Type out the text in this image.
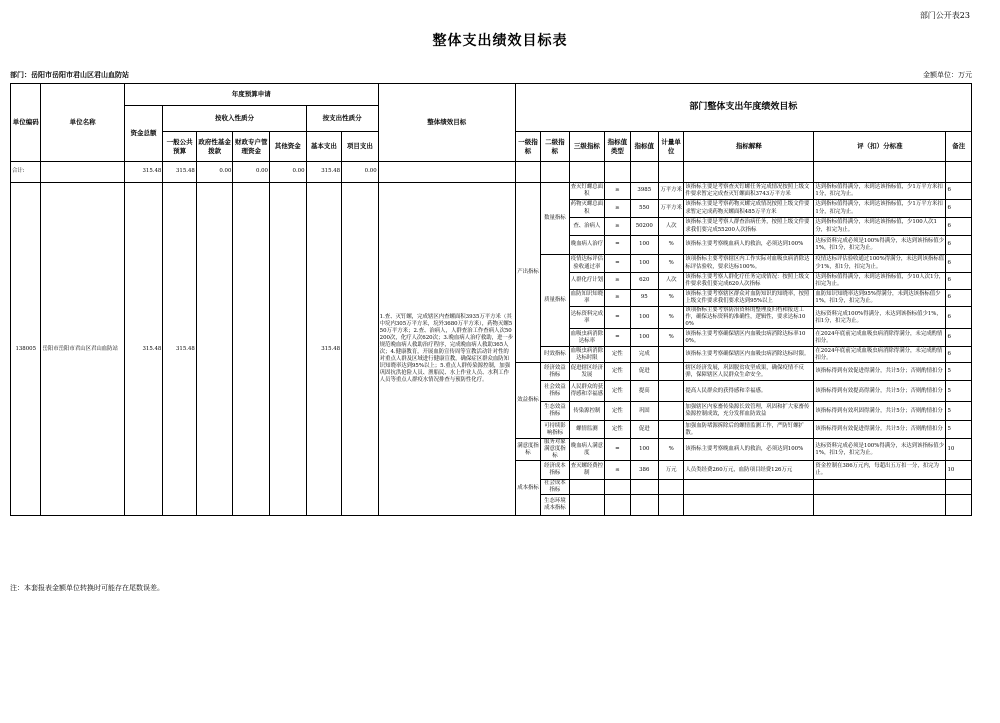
部门公开表23
整体支出绩效目标表
部门：岳阳市岳阳市君山区君山血防站	金额单位：万元
单位编码	单位名称	年度预算申请							整体绩效目标	部门整体支出年度绩效目标								
		资金总额	按收入性质分				按支出性质分											
			一般公共预算	政府性基金拨款	财政专户管理资金	其他资金	基本支出	项目支出		一级指标	二级指标	三级指标	指标值类型	指标值	计量单位	指标解释	评（扣）分标准	备注
合计:		315.48	315.48	0.00	0.00	0.00	315.48	0.00										
138005	岳阳市岳阳市君山区君山血防站	315.48	315.48				315.48		1.查、灭钉螺，完成辖区内查螺面积3935万平方米（其中垸内305万平方米，垸外3680万平方米），药物灭螺550万平方米；2.查、治病人，人群查治工作查病人次50200次，化疗人次620次；3.晚血病人治疗救助，进一步规范晚血病人救助治疗程序，完成晚血病人救助365人次；4.健康教育，开展血防宣传周等宣教活动针对性的对重点人群及区域进行健康宣教，确保症区群众血防知识知晓率达到95%以上；5.重点人群传染源控制，加强巩固抗洪抢险人员、渔船民、水上作业人员、水利工作人员等重点人群疫水情况排查与预防性化疗。	产出指标	数量指标	查灭钉螺总面积	≥	3985	万平方米	该指标主要是考察查灭钉螺任务完成情况按照上级文件要求暂定完成查灭钉螺面积3743万平方米	达到指标值得满分，未到达该指标值，少1万平方米扣1分，扣完为止。	6
												药物灭螺总面积	≥	550	万平方米	该指标主要是考察药物灭螺完成情况按照上级文件要求暂定完成药物灭螺面积485万平方米	达到指标值得满分，未到达该指标值，少1万平方米扣1分，扣完为止。	6
												查、治病人	≥	50200	人次	该指标主要是考察人群查治病任务，按照上级文件要求我们要完成55200人次指标	达到指标值得满分，未到达该指标值，少100人次1分，扣完为止。	6
												晚血病人治疗	=	100	%	该指标主要考察晚血病人的救治，必须达到100%	达标资料完成必须是100%得满分，未达到该指标值少1%，扣1分，扣完为止。	6
											质量指标	疫情达标评估验收通过率	=	100	%	该项指标主要考察辖区内工作实际对血吸虫病消除达标评估验收，要求达标100%。	疫情达标评估验收通过100%得满分，未达到该指标值少1%，扣1分，扣完为止。	6
												人群化疗计划	≥	620	人次	该指标主要考察人群化疗任务完成情况：按照上级文件要求我们要完成620人次指标	达到指标值得满分，未到达该指标值，少10人次1分，扣完为止。	6
												血防知识知晓率	≥	95	%	该指标主要考察辖区群众对血防知识的知晓率，按照上级文件要求我们要求达到95%以上	血防知识知晓率达到95%得满分，未到达该指标值少1%，扣1分，扣完为止。	6
												达标资料完成率	=	100	%	该项指标主要考察防治资料的整理及归档和报送工作，确保达标资料的准确性，逻辑性，要求达标100%	达标资料完成100%得满分，未达到该指标值少1%，扣1分，扣完为止。	6
												血吸虫病消除达标率	=	100	%	该指标主要考察确保辖区内血吸虫病消除达标率100%。	在2024年底前完成血吸虫病消除得满分，未完成酌情扣分。	6
											时效指标	血吸虫病消除达标时限	定性	完成		该指标主要考察确保辖区内血吸虫病消除达标时限。	在2024年底前完成血吸虫病消除得满分，未完成酌情扣分。	6
										效益指标	经济效益指标	促进辖区经济发展	定性	促进		辖区经济发展，巩固脱贫攻坚成果，确保疫情不反弹，保障辖区人民群众生命安全。	该指标得到有效促进得满分，共计5分；否则酌情扣分	5
											社会效益指标	人民群众的获得感和幸福感	定性	提高		提高人民群众的获得感和幸福感。	该指标得到有效提高得满分，共计5分；否则酌情扣分	5
											生态效益指标	传染源控制	定性	巩固		加强辖区内家畜传染源长效管理，巩固和扩大家畜传染源控制成效，充分发挥血防效益	该指标得到有效巩固得满分，共计5分；否则酌情扣分	5
											可持续影响指标	螺情监测	定性	促进		加强血防堵源拆除后的螺情监测工作，严防钉螺扩散。	该指标得到有效促进得满分，共计5分；否则酌情扣分	5
										满意度指标	服务对象满意度指标	晚血病人满意度	=	100	%	该指标主要考察晚血病人的救治，必须达到100%	达标资料完成必须是100%得满分，未达到该指标值少1%，扣1分，扣完为止。	10
										成本指标	经济成本指标	查灭螺经费控制	≤	386	万元	人员类经费260万元，血防项目经费126万元	资金控制在386万元内，每超出五万扣一分，扣完为止。	10
											社会成本指标							
											生态环境成本指标							
注：本套报表金额单位转换时可能存在尾数误差。
